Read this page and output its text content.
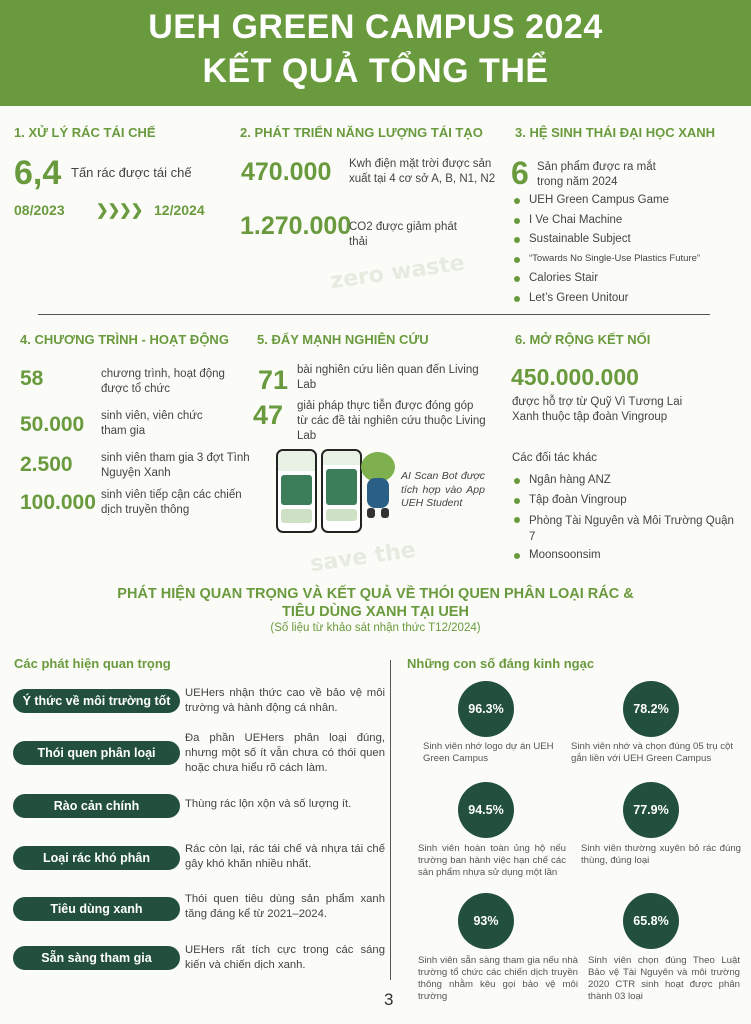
zero waste
save the
UEH GREEN CAMPUS 2024
KẾT QUẢ TỔNG THỂ
1. XỬ LÝ RÁC TÁI CHẾ
6,4 Tấn rác được tái chế
08/2023 ❯❯❯❯ 12/2024
2. PHÁT TRIỂN NĂNG LƯỢNG TÁI TẠO
470.000 Kwh điện mặt trời được sản xuất tại 4 cơ sở A, B, N1, N2
1.270.000
CO2 được giảm phát thải
3. HỆ SINH THÁI ĐẠI HỌC XANH
6 Sản phẩm được ra mắt trong năm 2024
UEH Green Campus Game
I Ve Chai Machine
Sustainable Subject
“Towards No Single-Use Plastics Future”
Calories Stair
Let’s Green Unitour
4. CHƯƠNG TRÌNH - HOẠT ĐỘNG
58	chương trình, hoạt động được tổ chức
50.000 sinh viên, viên chức tham gia
2.500 sinh viên tham gia 3 đợt Tình Nguyện Xanh
100.000 sinh viên tiếp cận các chiến dịch truyền thông
5. ĐẨY MẠNH NGHIÊN CỨU
71 bài nghiên cứu liên quan đến Living Lab
47 giải pháp thực tiễn được đóng góp từ các đề tài nghiên cứu thuộc Living Lab
AI Scan Bot được tích hợp vào App UEH Student
6. MỞ RỘNG KẾT NỐI
450.000.000
được hỗ trợ từ Quỹ Vì Tương Lai Xanh thuộc tập đoàn Vingroup
Các đối tác khác
Ngân hàng ANZ
Tập đoàn Vingroup
Phòng Tài Nguyên và Môi Trường Quận 7
Moonsoonsim
PHÁT HIỆN QUAN TRỌNG VÀ KẾT QUẢ VỀ THÓI QUEN PHÂN LOẠI RÁC &
TIÊU DÙNG XANH TẠI UEH
(Số liệu từ khảo sát nhận thức T12/2024)
Các phát hiện quan trọng	Những con số đáng kinh ngạc
Ý thức về môi trường tốt
UEHers nhận thức cao về bảo vệ môi trường và hành động cá nhân.
Thói quen phân loại
Đa phần UEHers phân loại đúng, nhưng một số ít vẫn chưa có thói quen hoặc chưa hiểu rõ cách làm.
Rào cản chính	Thùng rác lộn xộn và số lượng ít.
Loại rác khó phân
Rác còn lại, rác tái chế và nhựa tái chế gây khó khăn nhiều nhất.
Tiêu dùng xanh
Thói quen tiêu dùng sản phẩm xanh tăng đáng kể từ 2021–2024.
Sẵn sàng tham gia
UEHers rất tích cực trong các sáng kiến và chiến dịch xanh.
96.3%
Sinh viên nhớ logo dự án UEH Green Campus
78.2%
Sinh viên nhớ và chọn đúng 05 trụ cột gắn liền với UEH Green Campus
94.5%
Sinh viên hoàn toàn ủng hộ nếu trường ban hành việc hạn chế các sản phẩm nhựa sử dụng một lần
77.9%
Sinh viên thường xuyên bỏ rác đúng thùng, đúng loại
93%
Sinh viên sẵn sàng tham gia nếu nhà trường tổ chức các chiến dịch truyền thông nhằm kêu gọi bảo vệ môi trường
65.8%
Sinh viên chọn đúng Theo Luật Bảo vệ Tài Nguyên và môi trường 2020 CTR sinh hoạt được phân thành 03 loại
3
